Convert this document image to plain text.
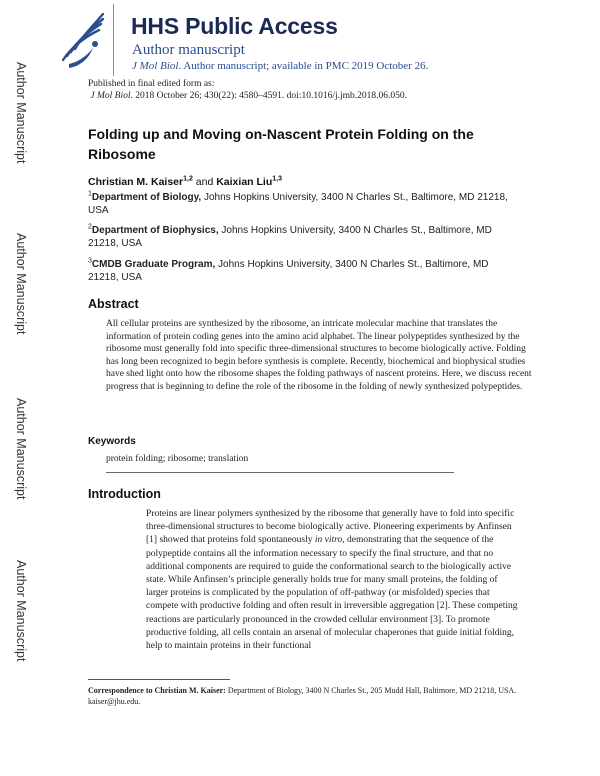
Author Manuscript
Author Manuscript
Author Manuscript
Author Manuscript
HHS Public Access
Author manuscript
J Mol Biol. Author manuscript; available in PMC 2019 October 26.
Published in final edited form as:
J Mol Biol. 2018 October 26; 430(22): 4580–4591. doi:10.1016/j.jmb.2018.06.050.
Folding up and Moving on-Nascent Protein Folding on the Ribosome
Christian M. Kaiser$^{1,2}$ and Kaixian Liu$^{1,3}$
$^1$Department of Biology, Johns Hopkins University, 3400 N Charles St., Baltimore, MD 21218, USA
$^2$Department of Biophysics, Johns Hopkins University, 3400 N Charles St., Baltimore, MD 21218, USA
$^3$CMDB Graduate Program, Johns Hopkins University, 3400 N Charles St., Baltimore, MD 21218, USA
Abstract
All cellular proteins are synthesized by the ribosome, an intricate molecular machine that translates the information of protein coding genes into the amino acid alphabet. The linear polypeptides synthesized by the ribosome must generally fold into specific three-dimensional structures to become biologically active. Folding has long been recognized to begin before synthesis is complete. Recently, biochemical and biophysical studies have shed light onto how the ribosome shapes the folding pathways of nascent proteins. Here, we discuss recent progress that is beginning to define the role of the ribosome in the folding of newly synthesized polypeptides.
Keywords
protein folding; ribosome; translation
Introduction
Proteins are linear polymers synthesized by the ribosome that generally have to fold into specific three-dimensional structures to become biologically active. Pioneering experiments by Anfinsen [1] showed that proteins fold spontaneously in vitro, demonstrating that the sequence of the polypeptide contains all the information necessary to specify the final structure, and that no additional components are required to guide the conformational search to the biologically active state. While Anfinsen’s principle generally holds true for many small proteins, the folding of larger proteins is complicated by the population of off-pathway (or misfolded) species that compete with productive folding and often result in irreversible aggregation [2]. These competing reactions are particularly pronounced in the crowded cellular environment [3]. To promote productive folding, all cells contain an arsenal of molecular chaperones that guide initial folding, help to maintain proteins in their functional
Correspondence to Christian M. Kaiser: Department of Biology, 3400 N Charles St., 205 Mudd Hall, Baltimore, MD 21218, USA. kaiser@jhu.edu.
